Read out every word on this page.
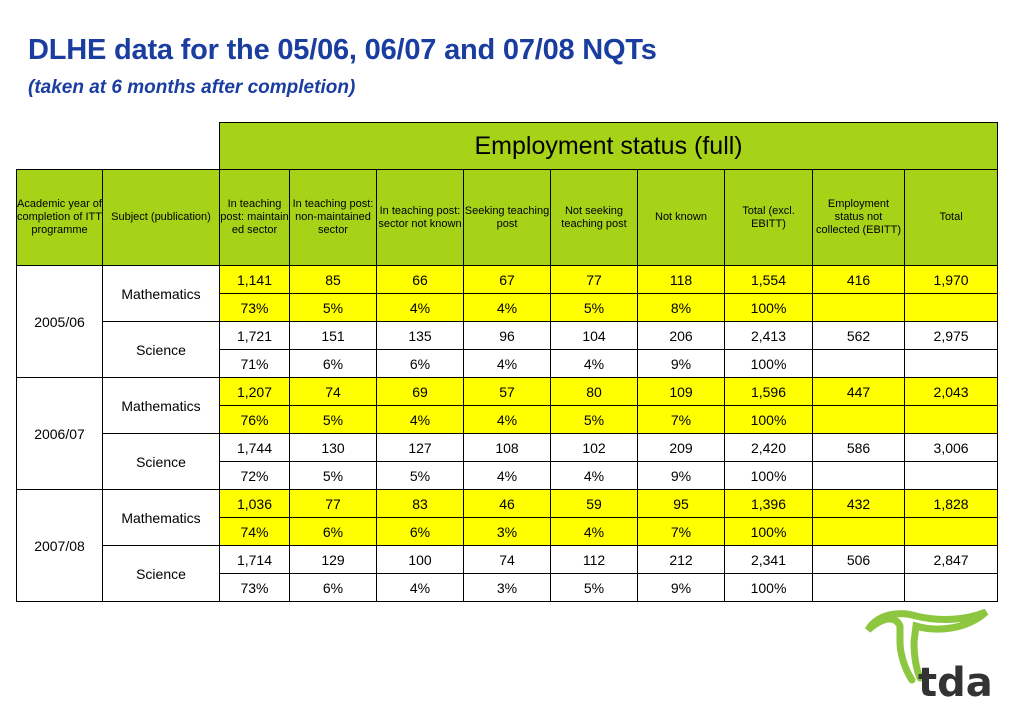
DLHE data for the 05/06, 06/07 and 07/08 NQTs
(taken at 6 months after completion)
		Employment status (full)								
Academic year of completion of ITT programme	Subject (publication)	In teaching post: maintain ed sector	In teaching post: non-maintained sector	In teaching post: sector not known	Seeking teaching post	Not seeking teaching post	Not known	Total (excl. EBITT)	Employment status not collected (EBITT)	Total
2005/06	Mathematics	1,141	85	66	67	77	118	1,554	416	1,970
		73%	5%	4%	4%	5%	8%	100%		
	Science	1,721	151	135	96	104	206	2,413	562	2,975
		71%	6%	6%	4%	4%	9%	100%		
2006/07	Mathematics	1,207	74	69	57	80	109	1,596	447	2,043
		76%	5%	4%	4%	5%	7%	100%		
	Science	1,744	130	127	108	102	209	2,420	586	3,006
		72%	5%	5%	4%	4%	9%	100%		
2007/08	Mathematics	1,036	77	83	46	59	95	1,396	432	1,828
		74%	6%	6%	3%	4%	7%	100%		
	Science	1,714	129	100	74	112	212	2,341	506	2,847
		73%	6%	4%	3%	5%	9%	100%		
tda
